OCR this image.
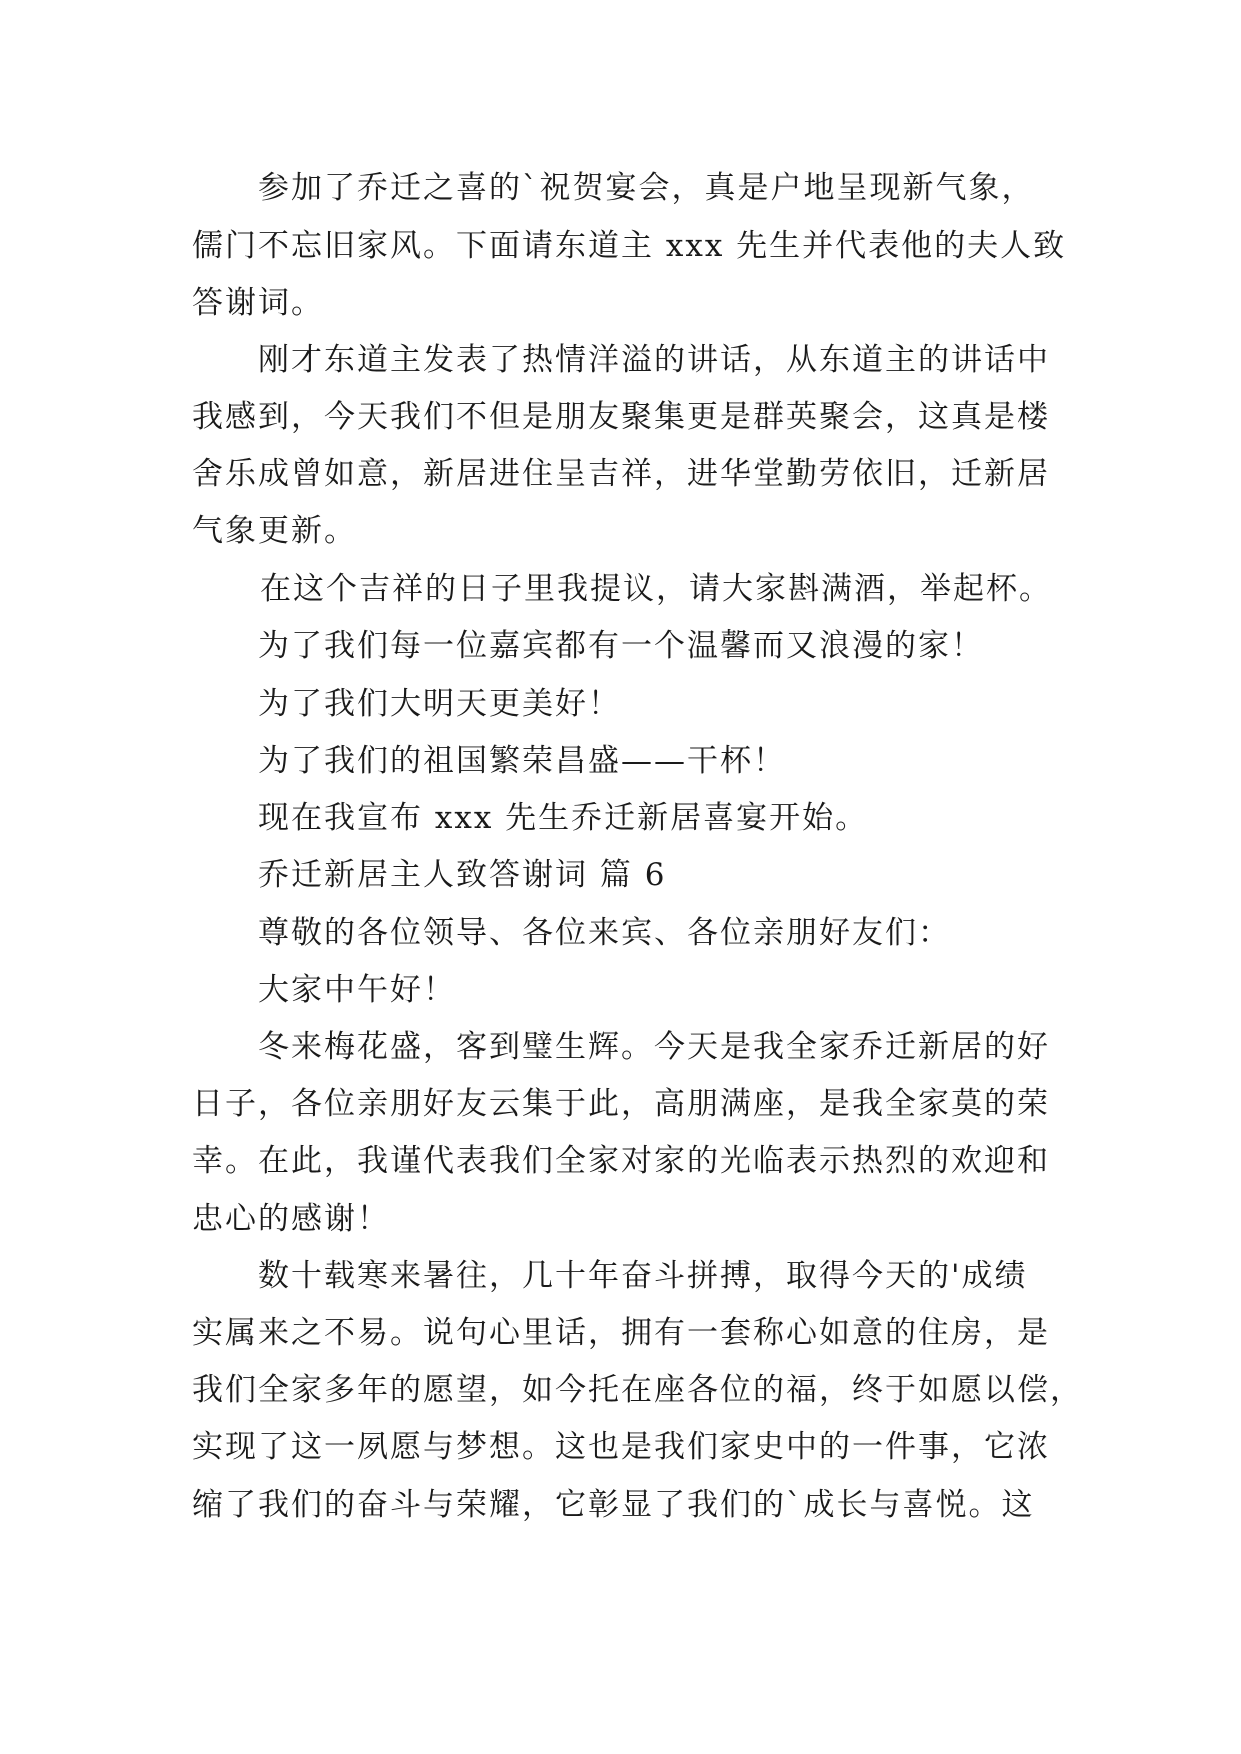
参加了乔迁之喜的`祝贺宴会，真是户地呈现新气象，
儒门不忘旧家风。下面请东道主 xxx 先生并代表他的夫人致
答谢词。
刚才东道主发表了热情洋溢的讲话，从东道主的讲话中
我感到，今天我们不但是朋友聚集更是群英聚会，这真是楼
舍乐成曾如意，新居进住呈吉祥，进华堂勤劳依旧，迁新居
气象更新。
在这个吉祥的日子里我提议，请大家斟满酒，举起杯。
为了我们每一位嘉宾都有一个温馨而又浪漫的家！
为了我们大明天更美好！
为了我们的祖国繁荣昌盛——干杯！
现在我宣布 xxx 先生乔迁新居喜宴开始。
乔迁新居主人致答谢词 篇 6
尊敬的各位领导、各位来宾、各位亲朋好友们：
大家中午好！
冬来梅花盛，客到璧生辉。今天是我全家乔迁新居的好
日子，各位亲朋好友云集于此，高朋满座，是我全家莫的荣
幸。在此，我谨代表我们全家对家的光临表示热烈的欢迎和
忠心的感谢！
数十载寒来暑往，几十年奋斗拼搏，取得今天的'成绩
实属来之不易。说句心里话，拥有一套称心如意的住房，是
我们全家多年的愿望，如今托在座各位的福，终于如愿以偿，
实现了这一夙愿与梦想。这也是我们家史中的一件事，它浓
缩了我们的奋斗与荣耀，它彰显了我们的`成长与喜悦。这
